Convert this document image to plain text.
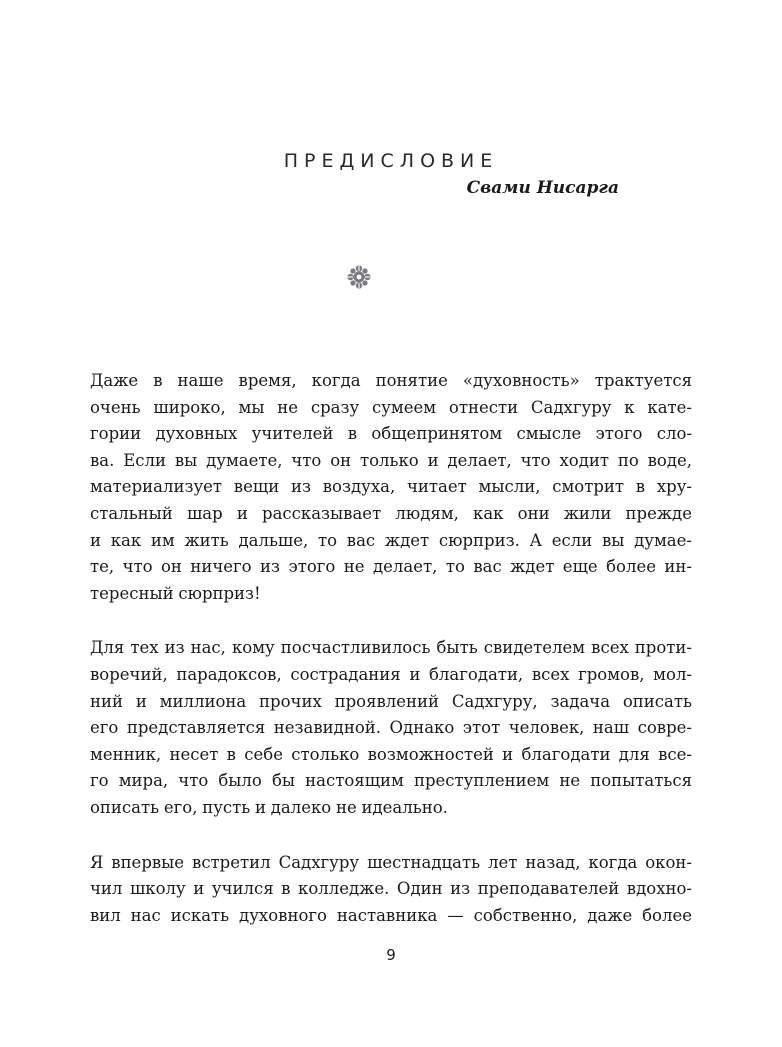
ПРЕДИСЛОВИЕ
Свами Нисарга

Даже в наше время, когда понятие «духовность» трактуется
очень широко, мы не сразу сумеем отнести Садхгуру к кате-
гории духовных учителей в общепринятом смысле этого сло-
ва. Если вы думаете, что он только и делает, что ходит по воде,
материализует вещи из воздуха, читает мысли, смотрит в хру-
стальный шар и рассказывает людям, как они жили прежде
и как им жить дальше, то вас ждет сюрприз. А если вы думае-
те, что он ничего из этого не делает, то вас ждет еще более ин-
тересный сюрприз!

Для тех из нас, кому посчастливилось быть свидетелем всех проти-
воречий, парадоксов, сострадания и благодати, всех громов, мол-
ний и миллиона прочих проявлений Садхгуру, задача описать
его представляется незавидной. Однако этот человек, наш совре-
менник, несет в себе столько возможностей и благодати для все-
го мира, что было бы настоящим преступлением не попытаться
описать его, пусть и далеко не идеально.

Я впервые встретил Садхгуру шестнадцать лет назад, когда окон-
чил школу и учился в колледже. Один из преподавателей вдохно-
вил нас искать духовного наставника — собственно, даже более

9
